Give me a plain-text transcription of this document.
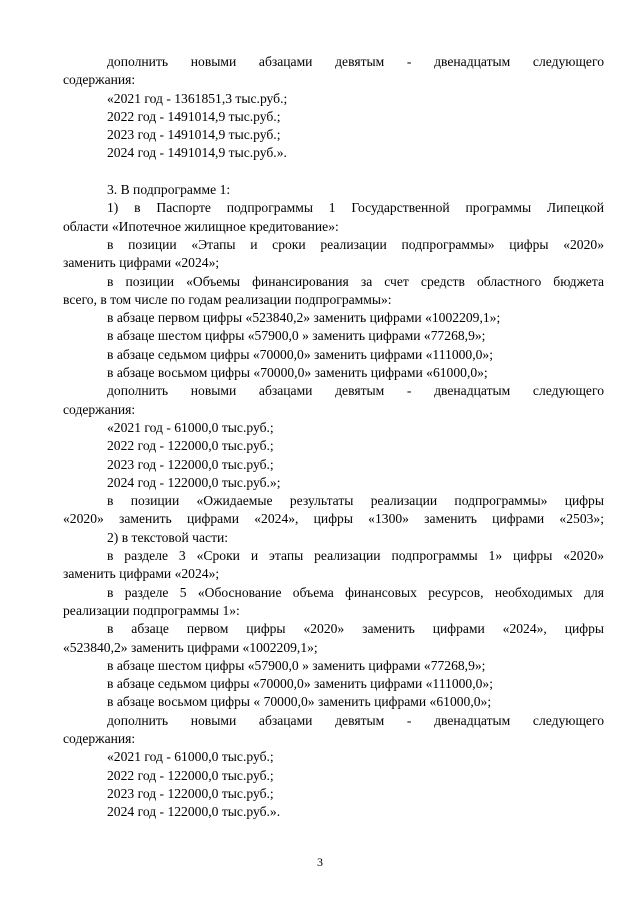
дополнить новыми абзацами девятым - двенадцатым следующего
содержания:
«2021 год - 1361851,3 тыс.руб.;
2022 год - 1491014,9 тыс.руб.;
2023 год - 1491014,9 тыс.руб.;
2024 год - 1491014,9 тыс.руб.».
3. В подпрограмме 1:
1) в Паспорте подпрограммы 1 Государственной программы Липецкой
области «Ипотечное жилищное кредитование»:
в позиции «Этапы и сроки реализации подпрограммы» цифры «2020»
заменить цифрами «2024»;
в позиции «Объемы финансирования за счет средств областного бюджета
всего, в том числе по годам реализации подпрограммы»:
в абзаце первом цифры «523840,2» заменить цифрами «1002209,1»;
в абзаце шестом цифры «57900,0 » заменить цифрами «77268,9»;
в абзаце седьмом цифры «70000,0» заменить цифрами «111000,0»;
в абзаце восьмом цифры «70000,0» заменить цифрами «61000,0»;
дополнить новыми абзацами девятым - двенадцатым следующего
содержания:
«2021 год - 61000,0 тыс.руб.;
2022 год - 122000,0 тыс.руб.;
2023 год - 122000,0 тыс.руб.;
2024 год - 122000,0 тыс.руб.»;
в позиции «Ожидаемые результаты реализации подпрограммы» цифры
«2020» заменить цифрами «2024», цифры «1300» заменить цифрами «2503»;
2) в текстовой части:
в разделе 3 «Сроки и этапы реализации подпрограммы 1» цифры «2020»
заменить цифрами «2024»;
в разделе 5 «Обоснование объема финансовых ресурсов, необходимых для
реализации подпрограммы 1»:
в абзаце первом цифры «2020» заменить цифрами «2024», цифры
«523840,2» заменить цифрами «1002209,1»;
в абзаце шестом цифры «57900,0 » заменить цифрами «77268,9»;
в абзаце седьмом цифры «70000,0» заменить цифрами «111000,0»;
в абзаце восьмом цифры « 70000,0» заменить цифрами «61000,0»;
дополнить новыми абзацами девятым - двенадцатым следующего
содержания:
«2021 год - 61000,0 тыс.руб.;
2022 год - 122000,0 тыс.руб.;
2023 год - 122000,0 тыс.руб.;
2024 год - 122000,0 тыс.руб.».
3
